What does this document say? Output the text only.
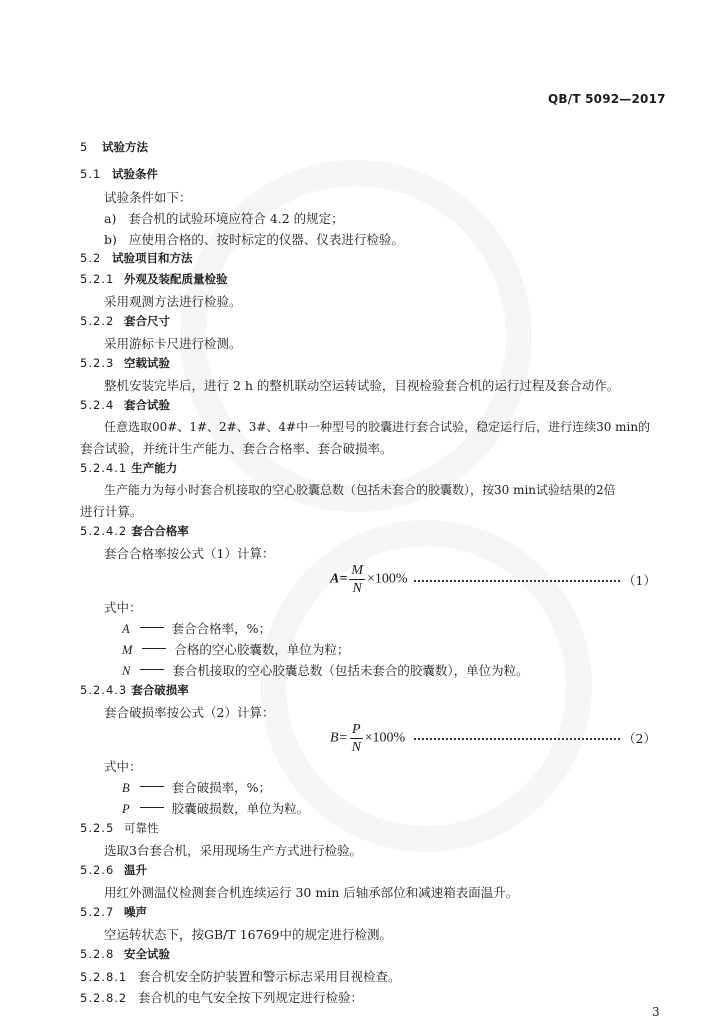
QB/T 5092—2017
5 试验方法
5.1 试验条件
试验条件如下：
a) 套合机的试验环境应符合 4.2 的规定；
b) 应使用合格的、按时标定的仪器、仪表进行检验。
5.2 试验项目和方法
5.2.1 外观及装配质量检验
采用观测方法进行检验。
5.2.2 套合尺寸
采用游标卡尺进行检测。
5.2.3 空载试验
整机安装完毕后，进行 2 h 的整机联动空运转试验，目视检验套合机的运行过程及套合动作。
5.2.4 套合试验
任意选取00#、1#、2#、3#、4#中一种型号的胶囊进行套合试验，稳定运行后，进行连续30 min的
套合试验，并统计生产能力、套合合格率、套合破损率。
5.2.4.1 生产能力
生产能力为每小时套合机接取的空心胶囊总数（包括未套合的胶囊数），按30 min试验结果的2倍
进行计算。
5.2.4.2 套合合格率
套合合格率按公式（1）计算：
$A= \frac{M}{N} \times 100\%$	（1）
式中：
A	套合合格率，%；
M	合格的空心胶囊数，单位为粒；
N	套合机接取的空心胶囊总数（包括未套合的胶囊数），单位为粒。
5.2.4.3 套合破损率
套合破损率按公式（2）计算：
$B= \frac{P}{N} \times 100\%$	（2）
式中：
B	套合破损率，%；
P	胶囊破损数，单位为粒。
5.2.5 可靠性
选取3台套合机，采用现场生产方式进行检验。
5.2.6 温升
用红外测温仪检测套合机连续运行 30 min 后轴承部位和减速箱表面温升。
5.2.7 噪声
空运转状态下，按GB/T 16769中的规定进行检测。
5.2.8 安全试验
5.2.8.1 套合机安全防护装置和警示标志采用目视检查。
5.2.8.2 套合机的电气安全按下列规定进行检验：
3
